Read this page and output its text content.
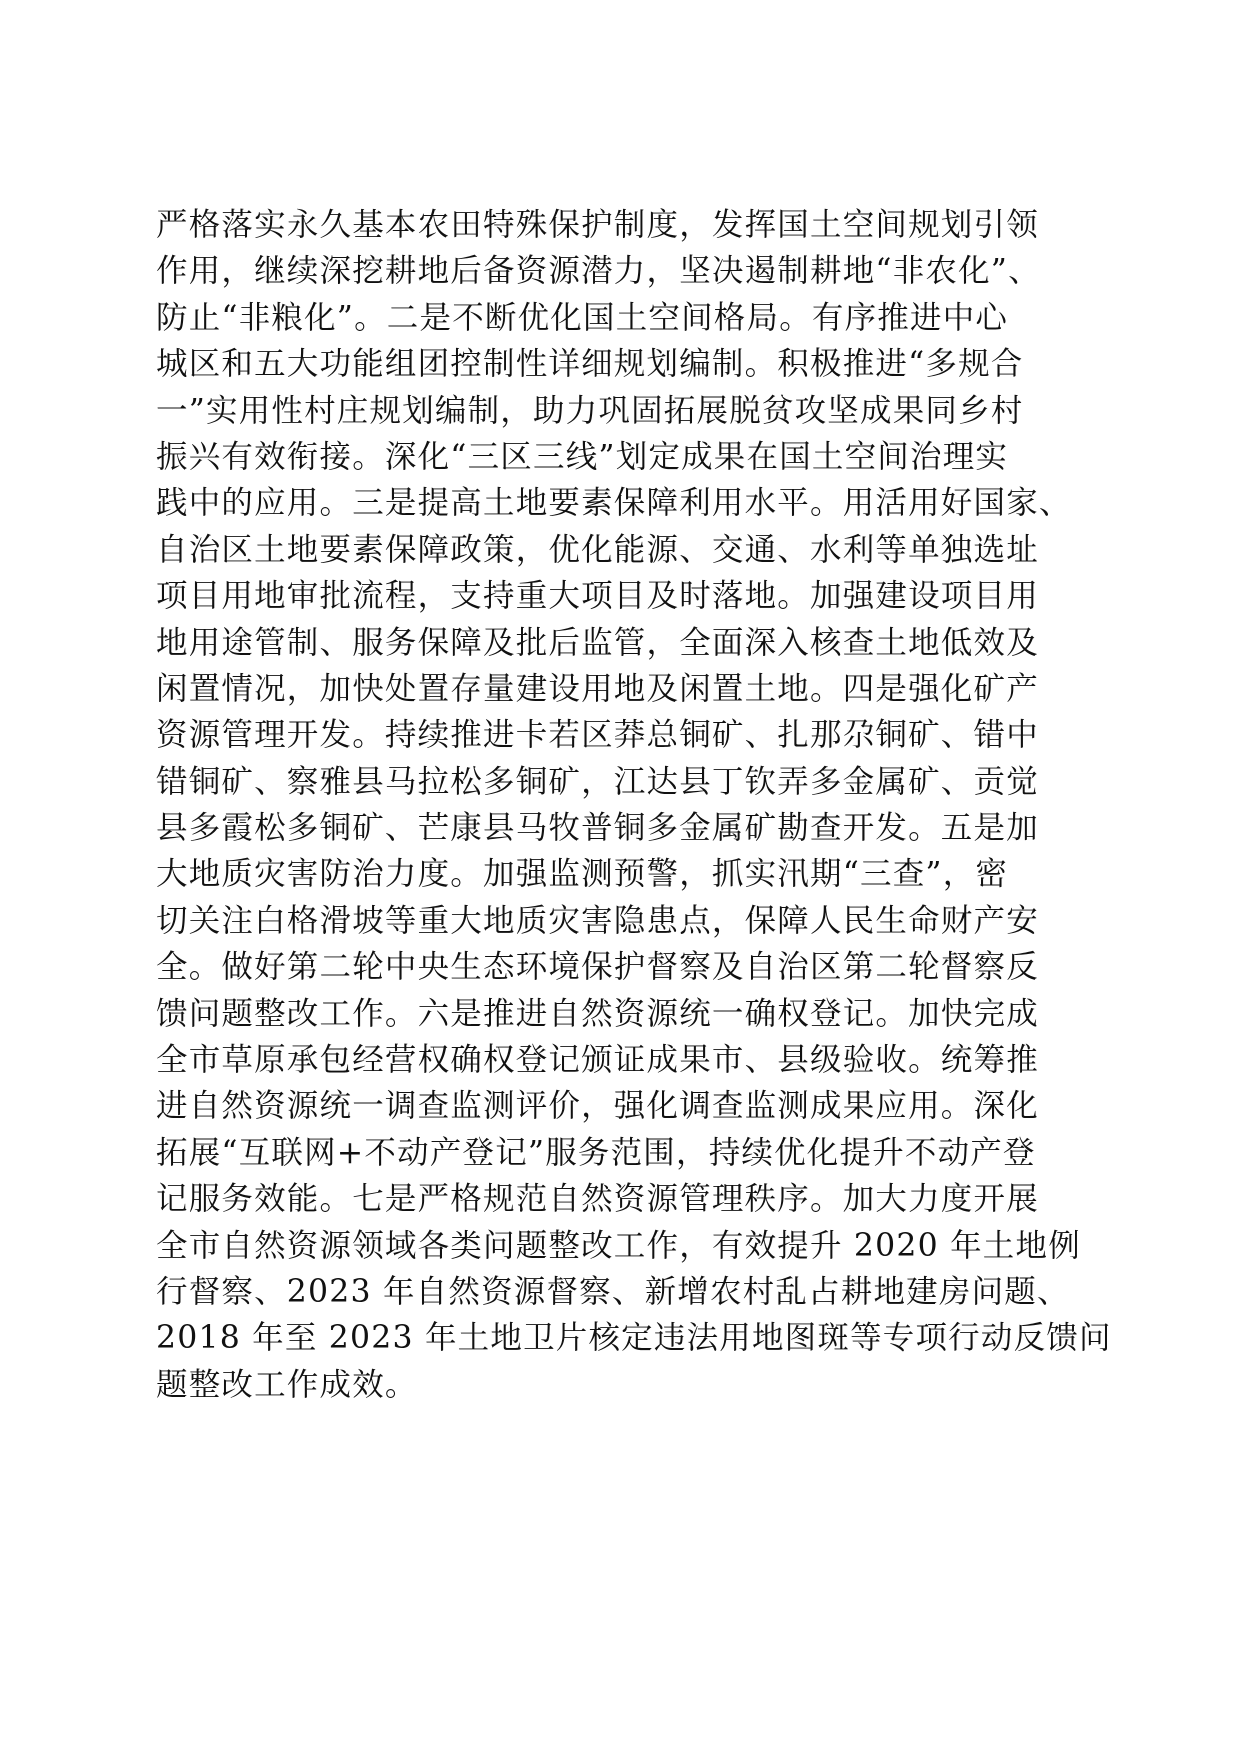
严格落实永久基本农田特殊保护制度，发挥国土空间规划引领
作用，继续深挖耕地后备资源潜力，坚决遏制耕地“非农化”、
防止“非粮化”。二是不断优化国土空间格局。有序推进中心
城区和五大功能组团控制性详细规划编制。积极推进“多规合
一”实用性村庄规划编制，助力巩固拓展脱贫攻坚成果同乡村
振兴有效衔接。深化“三区三线”划定成果在国土空间治理实
践中的应用。三是提高土地要素保障利用水平。用活用好国家、
自治区土地要素保障政策，优化能源、交通、水利等单独选址
项目用地审批流程，支持重大项目及时落地。加强建设项目用
地用途管制、服务保障及批后监管，全面深入核查土地低效及
闲置情况，加快处置存量建设用地及闲置土地。四是强化矿产
资源管理开发。持续推进卡若区莽总铜矿、扎那尕铜矿、错中
错铜矿、察雅县马拉松多铜矿，江达县丁钦弄多金属矿、贡觉
县多霞松多铜矿、芒康县马牧普铜多金属矿勘查开发。五是加
大地质灾害防治力度。加强监测预警，抓实汛期“三查”，密
切关注白格滑坡等重大地质灾害隐患点，保障人民生命财产安
全。做好第二轮中央生态环境保护督察及自治区第二轮督察反
馈问题整改工作。六是推进自然资源统一确权登记。加快完成
全市草原承包经营权确权登记颁证成果市、县级验收。统筹推
进自然资源统一调查监测评价，强化调查监测成果应用。深化
拓展“互联网+不动产登记”服务范围，持续优化提升不动产登
记服务效能。七是严格规范自然资源管理秩序。加大力度开展
全市自然资源领域各类问题整改工作，有效提升 2020 年土地例
行督察、2023 年自然资源督察、新增农村乱占耕地建房问题、
2018 年至 2023 年土地卫片核定违法用地图斑等专项行动反馈问
题整改工作成效。
